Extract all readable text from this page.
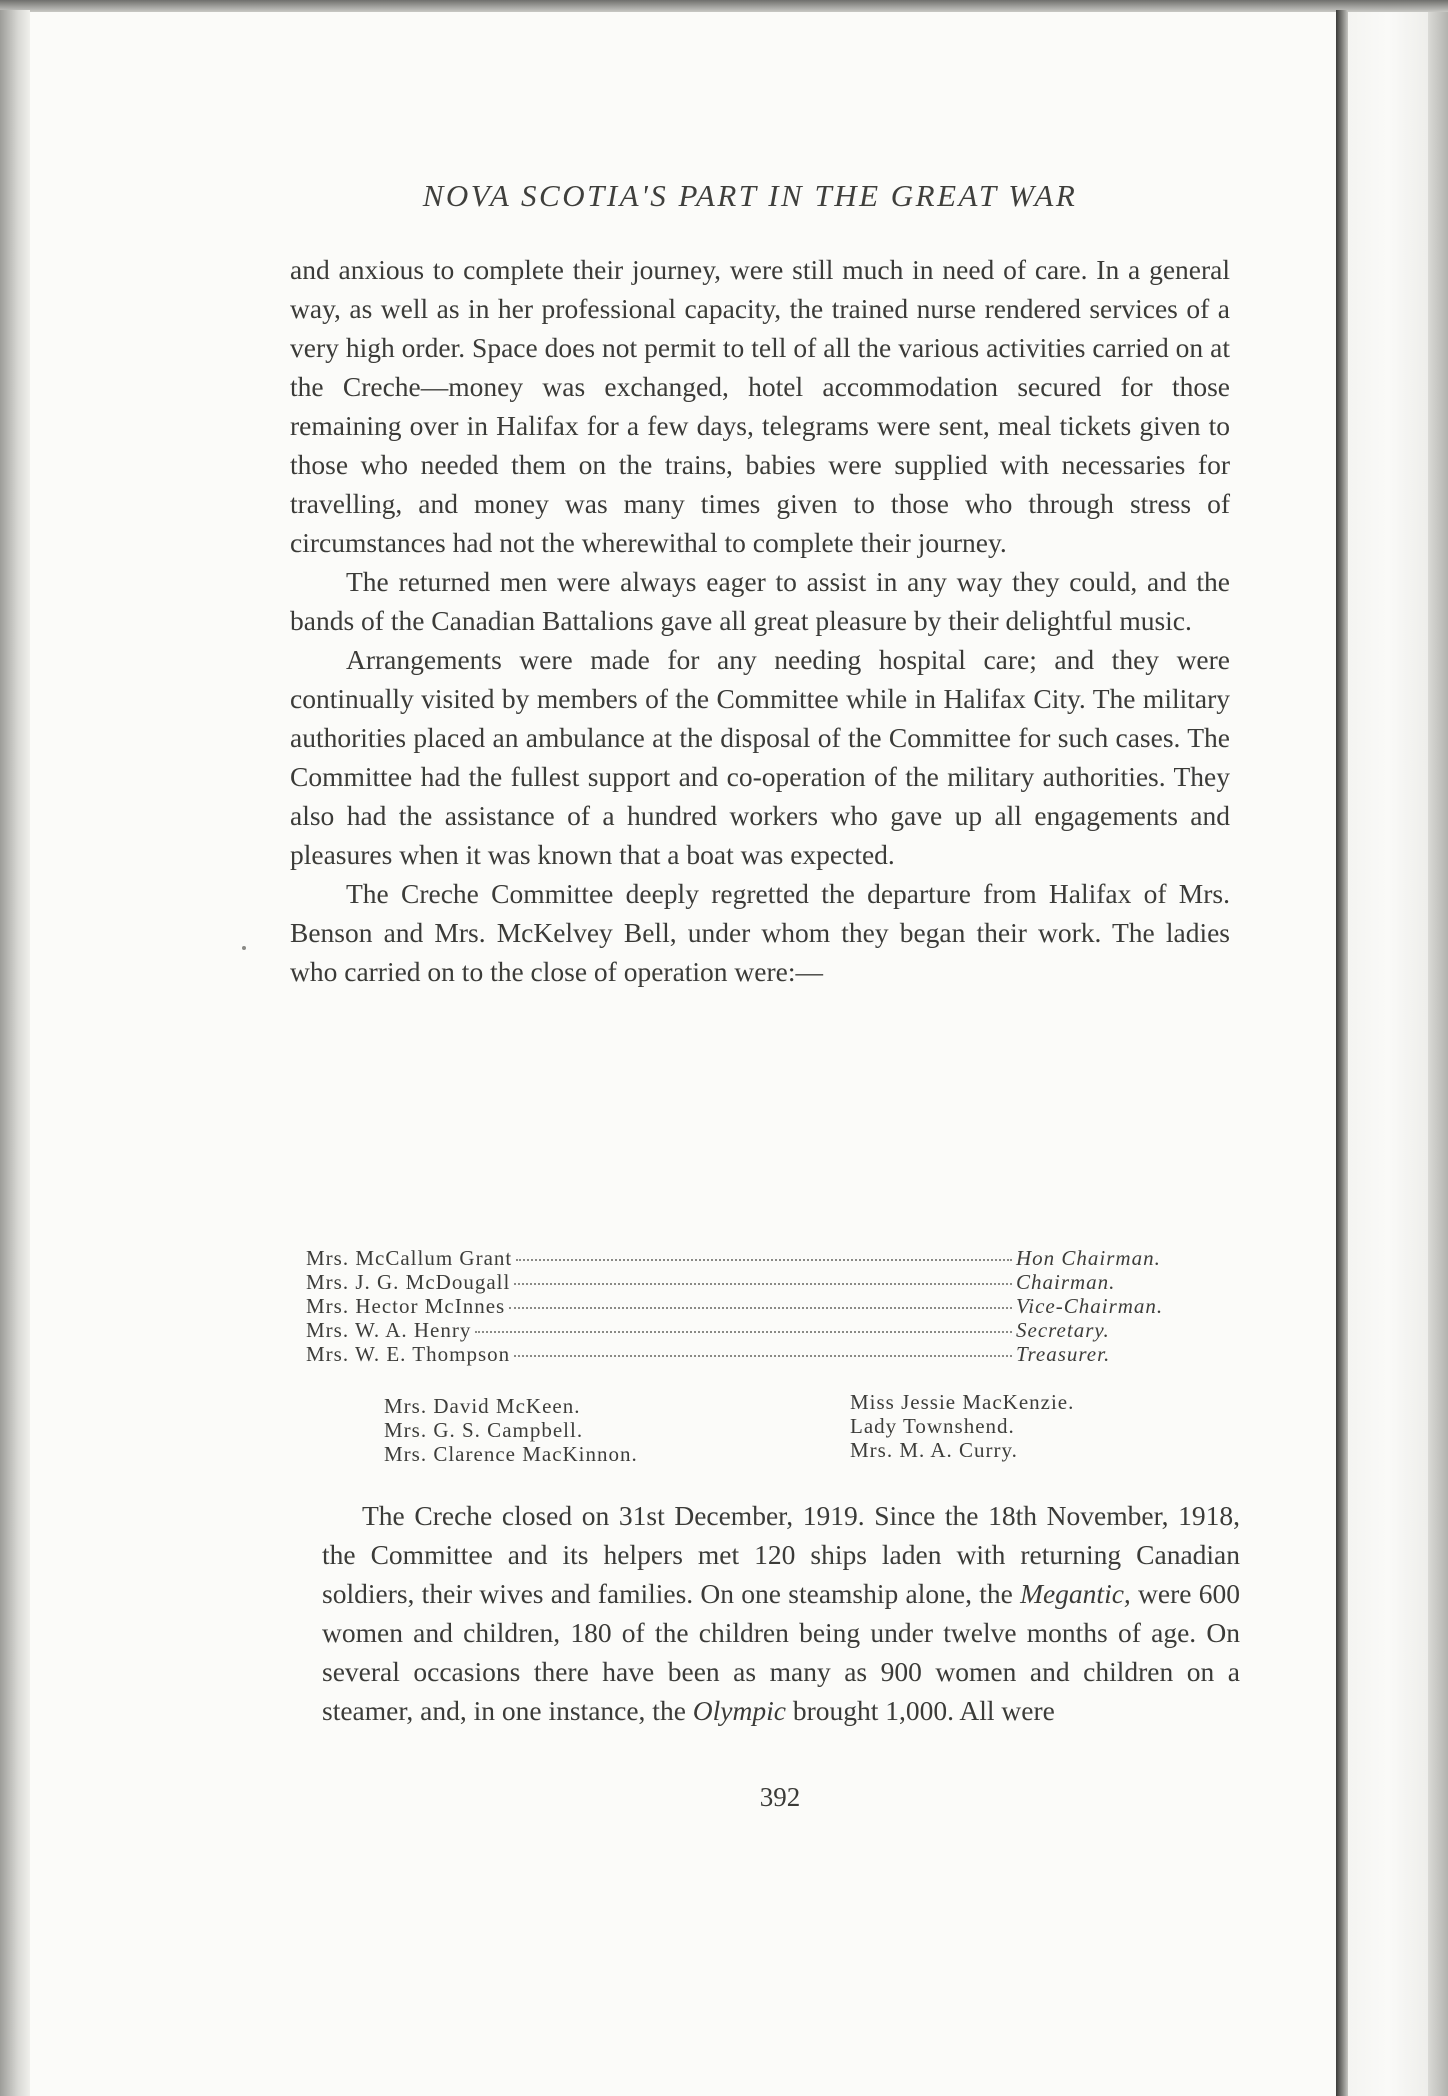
NOVA SCOTIA'S PART IN THE GREAT WAR

and anxious to complete their journey, were still much in need of care. In a general way, as well as in her professional capacity, the trained nurse rendered services of a very high order. Space does not permit to tell of all the various activities carried on at the Creche—money was exchanged, hotel accommodation secured for those remaining over in Halifax for a few days, telegrams were sent, meal tickets given to those who needed them on the trains, babies were supplied with necessaries for travelling, and money was many times given to those who through stress of circumstances had not the wherewithal to complete their journey.

The returned men were always eager to assist in any way they could, and the bands of the Canadian Battalions gave all great pleasure by their delightful music.

Arrangements were made for any needing hospital care; and they were continually visited by members of the Committee while in Halifax City. The military authorities placed an ambulance at the disposal of the Committee for such cases. The Committee had the fullest support and co-operation of the military authorities. They also had the assistance of a hundred workers who gave up all engagements and pleasures when it was known that a boat was expected.

The Creche Committee deeply regretted the departure from Halifax of Mrs. Benson and Mrs. McKelvey Bell, under whom they began their work. The ladies who carried on to the close of operation were:—

Mrs. McCallum Grant	Hon Chairman.
Mrs. J. G. McDougall	Chairman.
Mrs. Hector McInnes	Vice-Chairman.
Mrs. W. A. Henry	Secretary.
Mrs. W. E. Thompson	Treasurer.
Mrs. David McKeen.
Mrs. G. S. Campbell.
Mrs. Clarence MacKinnon.
Miss Jessie MacKenzie.
Lady Townshend.
Mrs. M. A. Curry.

The Creche closed on 31st December, 1919. Since the 18th November, 1918, the Committee and its helpers met 120 ships laden with returning Canadian soldiers, their wives and families. On one steamship alone, the Megantic, were 600 women and children, 180 of the children being under twelve months of age. On several occasions there have been as many as 900 women and children on a steamer, and, in one instance, the Olympic brought 1,000. All were

392
